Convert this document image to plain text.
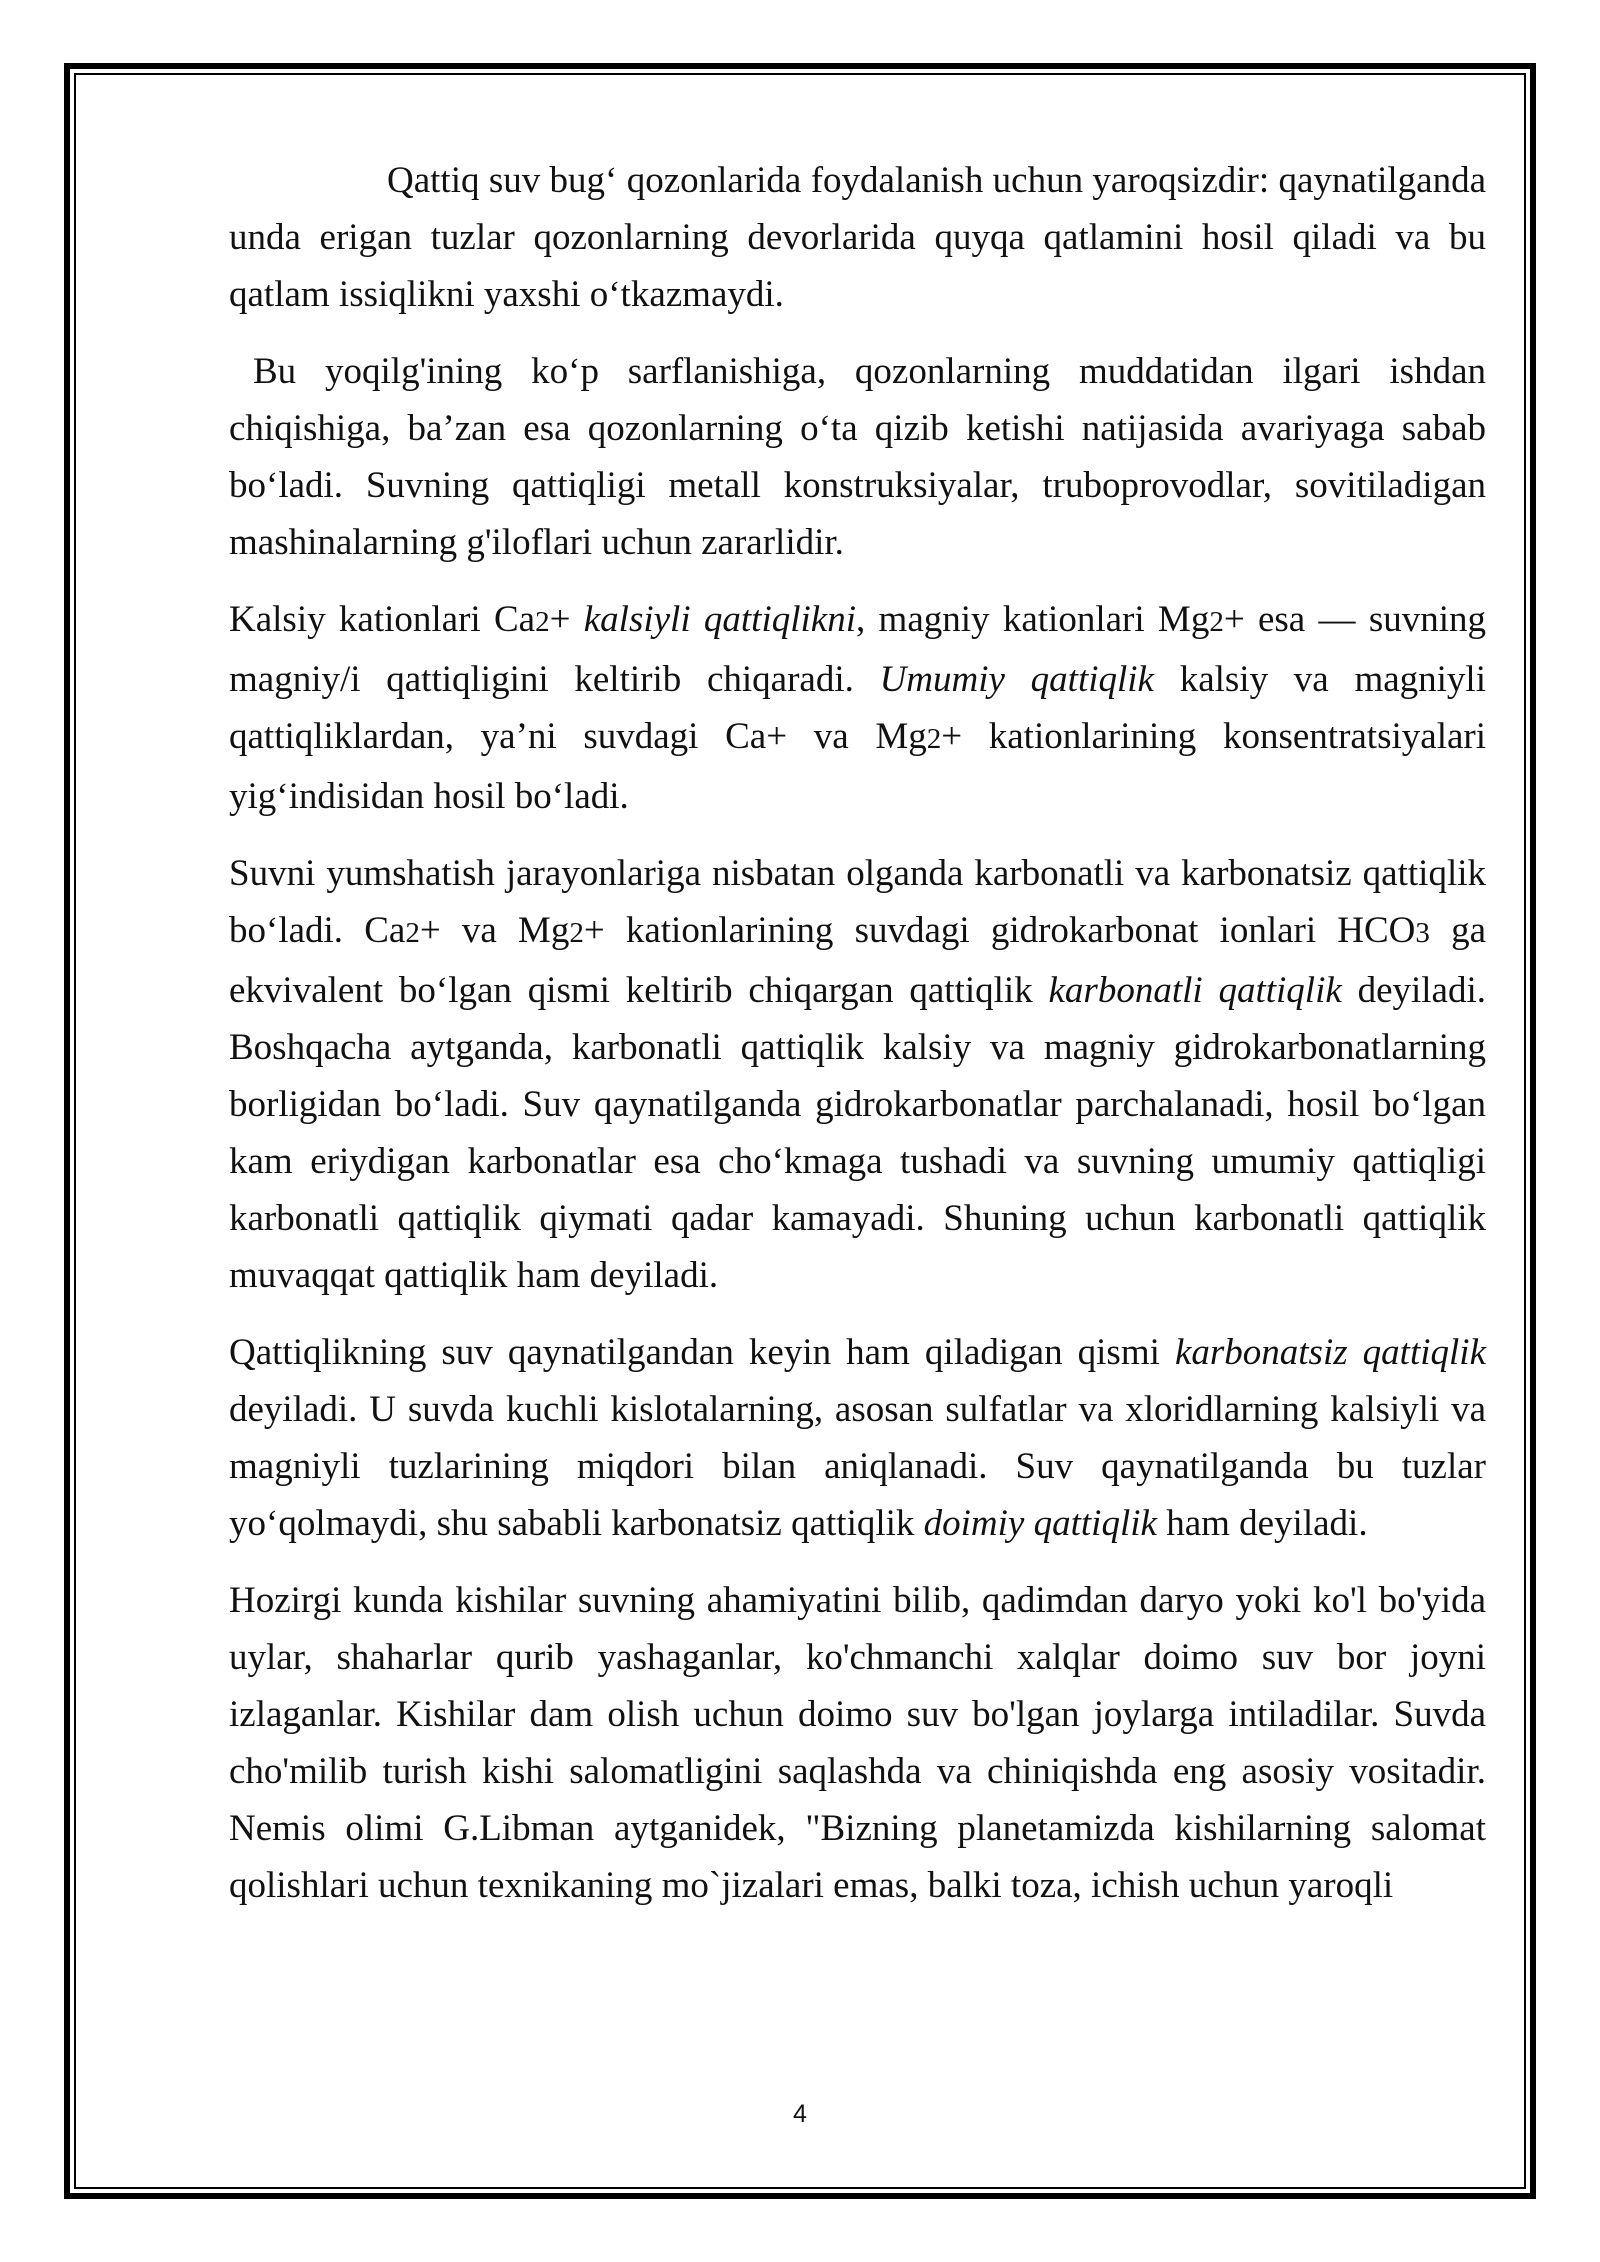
Qattiq suv bug‘ qozonlarida foydalanish uchun yaroqsizdir: qaynatilganda unda erigan tuzlar qozonlarning devorlarida quyqa qatlamini hosil qiladi va bu qatlam issiqlikni yaxshi o‘tkazmaydi.

Bu yoqilg'ining ko‘p sarflanishiga, qozonlarning muddatidan ilgari ishdan chiqishiga, ba’zan esa qozonlarning o‘ta qizib ketishi natijasida avariyaga sabab bo‘ladi. Suvning qattiqligi metall konstruksiyalar, truboprovodlar, sovitiladigan mashinalarning g'iloflari uchun zararlidir.

Kalsiy kationlari Ca2+ kalsiyli qattiqlikni, magniy kationlari Mg2+ esa — suvning magniy/i qattiqligini keltirib chiqaradi. Umumiy qattiqlik kalsiy va magniyli qattiqliklardan, ya’ni suvdagi Ca+ va Mg2+ kationlarining konsentratsiyalari yig‘indisidan hosil bo‘ladi.

Suvni yumshatish jarayonlariga nisbatan olganda karbonatli va karbonatsiz qattiqlik bo‘ladi. Ca2+ va Mg2+ kationlarining suvdagi gidrokarbonat ionlari HCO3 ga ekvivalent bo‘lgan qismi keltirib chiqargan qattiqlik karbonatli qattiqlik deyiladi. Boshqacha aytganda, karbonatli qattiqlik kalsiy va magniy gidrokarbonatlarning borligidan bo‘ladi. Suv qaynatilganda gidrokarbonatlar parchalanadi, hosil bo‘lgan kam eriydigan karbonatlar esa cho‘kmaga tushadi va suvning umumiy qattiqligi karbonatli qattiqlik qiymati qadar kamayadi. Shuning uchun karbonatli qattiqlik muvaqqat qattiqlik ham deyiladi.

Qattiqlikning suv qaynatilgandan keyin ham qiladigan qismi karbonatsiz qattiqlik deyiladi. U suvda kuchli kislotalarning, asosan sulfatlar va xloridlarning kalsiyli va magniyli tuzlarining miqdori bilan aniqlanadi. Suv qaynatilganda bu tuzlar yo‘qolmaydi, shu sababli karbonatsiz qattiqlik doimiy qattiqlik ham deyiladi.

Hozirgi kunda kishilar suvning ahamiyatini bilib, qadimdan daryo yoki ko'l bo'yida uylar, shaharlar qurib yashaganlar, ko'chmanchi xalqlar doimo suv bor joyni izlaganlar. Kishilar dam olish uchun doimo suv bo'lgan joylarga intiladilar. Suvda cho'milib turish kishi salomatligini saqlashda va chiniqishda eng asosiy vositadir. Nemis olimi G.Libman aytganidek, "Bizning planetamizda kishilarning salomat qolishlari uchun texnikaning mo`jizalari emas, balki toza, ichish uchun yaroqli

4
